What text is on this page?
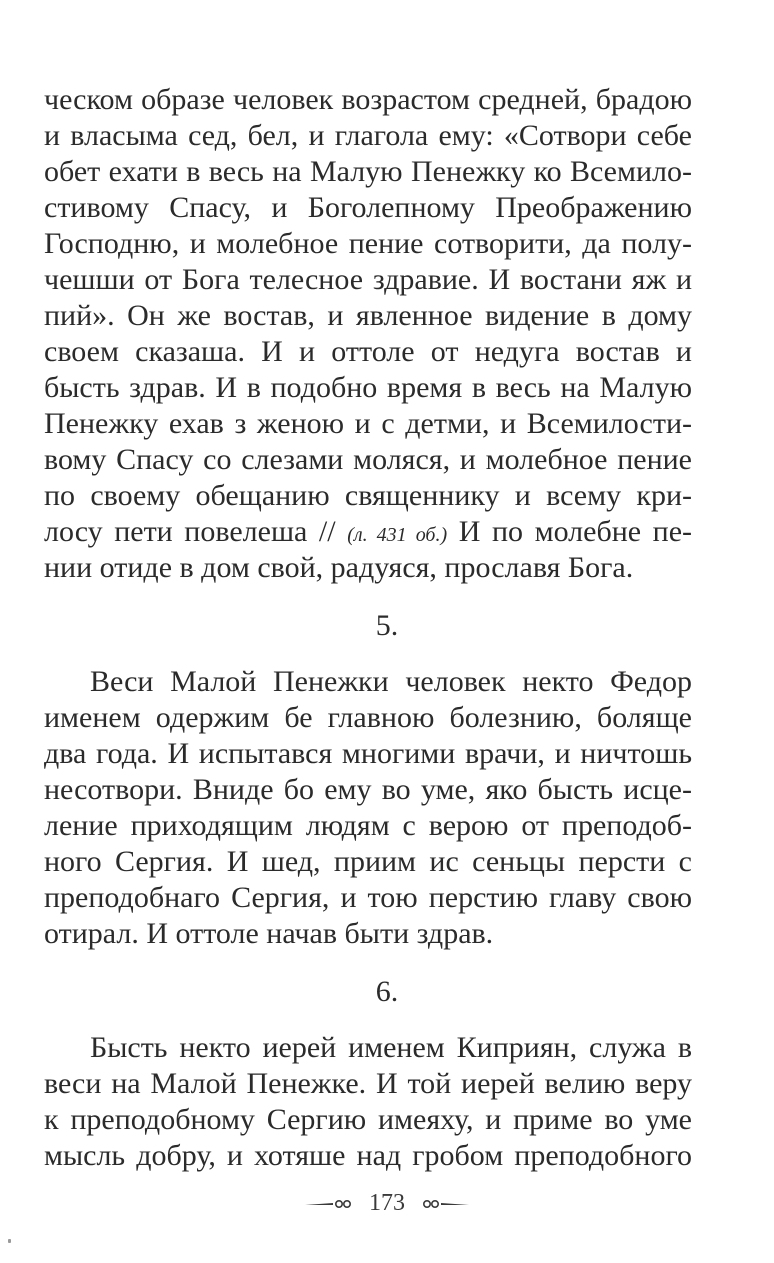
ческом образе человек возрастом средней, брадою
и власыма сед, бел, и глагола ему: «Сотвори себе
обет ехати в весь на Малую Пенежку ко Всемило-
стивому Спасу, и Боголепному Преображению
Господню, и молебное пение сотворити, да полу-
чешши от Бога телесное здравие. И востани яж и
пий». Он же востав, и явленное видение в дому
своем сказаша. И и оттоле от недуга востав и
бысть здрав. И в подобно время в весь на Малую
Пенежку ехав з женою и с детми, и Всемилости-
вому Спасу со слезами моляся, и молебное пение
по своему обещанию священнику и всему кри-
лосу пети повелеша // (л. 431 об.) И по молебне пе-
нии отиде в дом свой, радуяся, прославя Бога.
5.
Веси Малой Пенежки человек некто Федор
именем одержим бе главною болезнию, боляще
два года. И испытався многими врачи, и ничтошь
несотвори. Вниде бо ему во уме, яко бысть исце-
ление приходящим людям с верою от преподоб-
ного Сергия. И шед, приим ис сеньцы персти с
преподобнаго Сергия, и тою перстию главу свою
отирал. И оттоле начав быти здрав.
6.
Бысть некто иерей именем Киприян, служа в
веси на Малой Пенежке. И той иерей велию веру
к преподобному Сергию имеяху, и приме во уме
мысль добру, и хотяше над гробом преподобного
173
